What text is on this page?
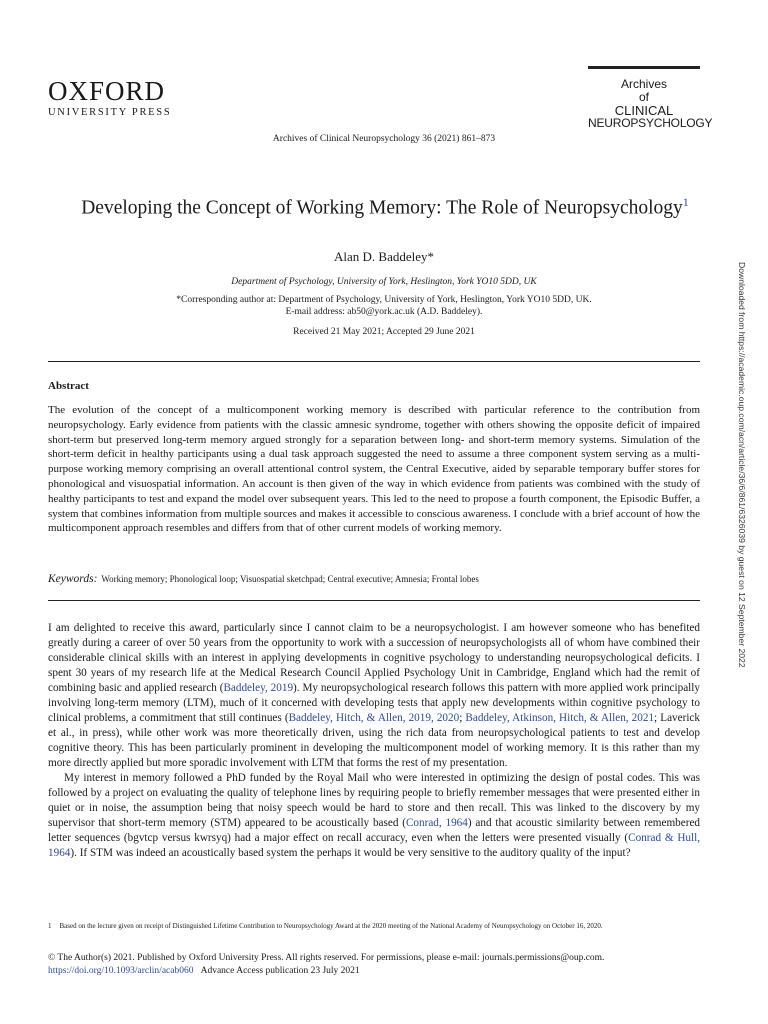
OXFORD
UNIVERSITY PRESS
Archives
of
CLINICAL
NEUROPSYCHOLOGY
Archives of Clinical Neuropsychology 36 (2021) 861–873
Developing the Concept of Working Memory: The Role of Neuropsychology$^1$
Alan D. Baddeley*
Department of Psychology, University of York, Heslington, York YO10 5DD, UK
*Corresponding author at: Department of Psychology, University of York, Heslington, York YO10 5DD, UK.
E-mail address: ab50@york.ac.uk (A.D. Baddeley).
Received 21 May 2021; Accepted 29 June 2021
Abstract
The evolution of the concept of a multicomponent working memory is described with particular reference to the contribution from neuropsychology. Early evidence from patients with the classic amnesic syndrome, together with others showing the opposite deficit of impaired short-term but preserved long-term memory argued strongly for a separation between long- and short-term memory systems. Simulation of the short-term deficit in healthy participants using a dual task approach suggested the need to assume a three component system serving as a multi-purpose working memory comprising an overall attentional control system, the Central Executive, aided by separable temporary buffer stores for phonological and visuospatial information. An account is then given of the way in which evidence from patients was combined with the study of healthy participants to test and expand the model over subsequent years. This led to the need to propose a fourth component, the Episodic Buffer, a system that combines information from multiple sources and makes it accessible to conscious awareness. I conclude with a brief account of how the multicomponent approach resembles and differs from that of other current models of working memory.
Keywords: Working memory; Phonological loop; Visuospatial sketchpad; Central executive; Amnesia; Frontal lobes

I am delighted to receive this award, particularly since I cannot claim to be a neuropsychologist. I am however someone who has benefited greatly during a career of over 50 years from the opportunity to work with a succession of neuropsychologists all of whom have combined their considerable clinical skills with an interest in applying developments in cognitive psychology to understanding neuropsychological deficits. I spent 30 years of my research life at the Medical Research Council Applied Psychology Unit in Cambridge, England which had the remit of combining basic and applied research (Baddeley, 2019). My neuropsychological research follows this pattern with more applied work principally involving long-term memory (LTM), much of it concerned with developing tests that apply new developments within cognitive psychology to clinical problems, a commitment that still continues (Baddeley, Hitch, & Allen, 2019, 2020; Baddeley, Atkinson, Hitch, & Allen, 2021; Laverick et al., in press), while other work was more theoretically driven, using the rich data from neuropsychological patients to test and develop cognitive theory. This has been particularly prominent in developing the multicomponent model of working memory. It is this rather than my more directly applied but more sporadic involvement with LTM that forms the rest of my presentation.

My interest in memory followed a PhD funded by the Royal Mail who were interested in optimizing the design of postal codes. This was followed by a project on evaluating the quality of telephone lines by requiring people to briefly remember messages that were presented either in quiet or in noise, the assumption being that noisy speech would be hard to store and then recall. This was linked to the discovery by my supervisor that short-term memory (STM) appeared to be acoustically based (Conrad, 1964) and that acoustic similarity between remembered letter sequences (bgvtcp versus kwrsyq) had a major effect on recall accuracy, even when the letters were presented visually (Conrad & Hull, 1964). If STM was indeed an acoustically based system the perhaps it would be very sensitive to the auditory quality of the input?

1 Based on the lecture given on receipt of Distinguished Lifetime Contribution to Neuropsychology Award at the 2020 meeting of the National Academy of Neuropsychology on October 16, 2020.
© The Author(s) 2021. Published by Oxford University Press. All rights reserved. For permissions, please e-mail: journals.permissions@oup.com.
https://doi.org/10.1093/arclin/acab060 Advance Access publication 23 July 2021
Downloaded from https://academic.oup.com/acn/article/36/6/861/6326039 by guest on 12 September 2022
